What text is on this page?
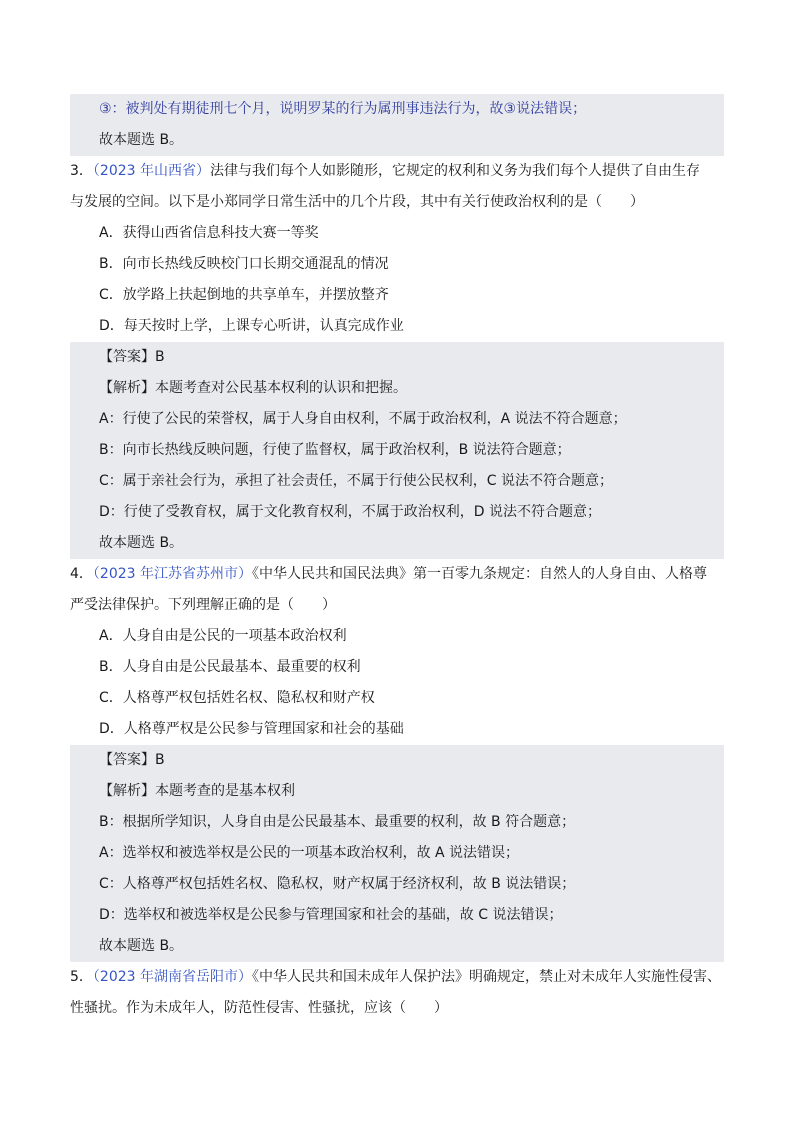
③：被判处有期徒刑七个月，说明罗某的行为属刑事违法行为，故③说法错误；
故本题选 B。
3．（2023 年山西省）法律与我们每个人如影随形，它规定的权利和义务为我们每个人提供了自由生存
与发展的空间。以下是小郑同学日常生活中的几个片段，其中有关行使政治权利的是（　　）
A．获得山西省信息科技大赛一等奖
B．向市长热线反映校门口长期交通混乱的情况
C．放学路上扶起倒地的共享单车，并摆放整齐
D．每天按时上学，上课专心听讲，认真完成作业
【答案】B
【解析】本题考查对公民基本权利的认识和把握。
A：行使了公民的荣誉权，属于人身自由权利，不属于政治权利，A 说法不符合题意；
B：向市长热线反映问题，行使了监督权，属于政治权利，B 说法符合题意；
C：属于亲社会行为，承担了社会责任，不属于行使公民权利，C 说法不符合题意；
D：行使了受教育权，属于文化教育权利，不属于政治权利，D 说法不符合题意；
故本题选 B。
4．（2023 年江苏省苏州市）《中华人民共和国民法典》第一百零九条规定：自然人的人身自由、人格尊
严受法律保护。下列理解正确的是（　　）
A．人身自由是公民的一项基本政治权利
B．人身自由是公民最基本、最重要的权利
C．人格尊严权包括姓名权、隐私权和财产权
D．人格尊严权是公民参与管理国家和社会的基础
【答案】B
【解析】本题考查的是基本权利
B：根据所学知识，人身自由是公民最基本、最重要的权利，故 B 符合题意；
A：选举权和被选举权是公民的一项基本政治权利，故 A 说法错误；
C：人格尊严权包括姓名权、隐私权，财产权属于经济权利，故 B 说法错误；
D：选举权和被选举权是公民参与管理国家和社会的基础，故 C 说法错误；
故本题选 B。
5．（2023 年湖南省岳阳市）《中华人民共和国未成年人保护法》明确规定，禁止对未成年人实施性侵害、
性骚扰。作为未成年人，防范性侵害、性骚扰，应该（　　）
